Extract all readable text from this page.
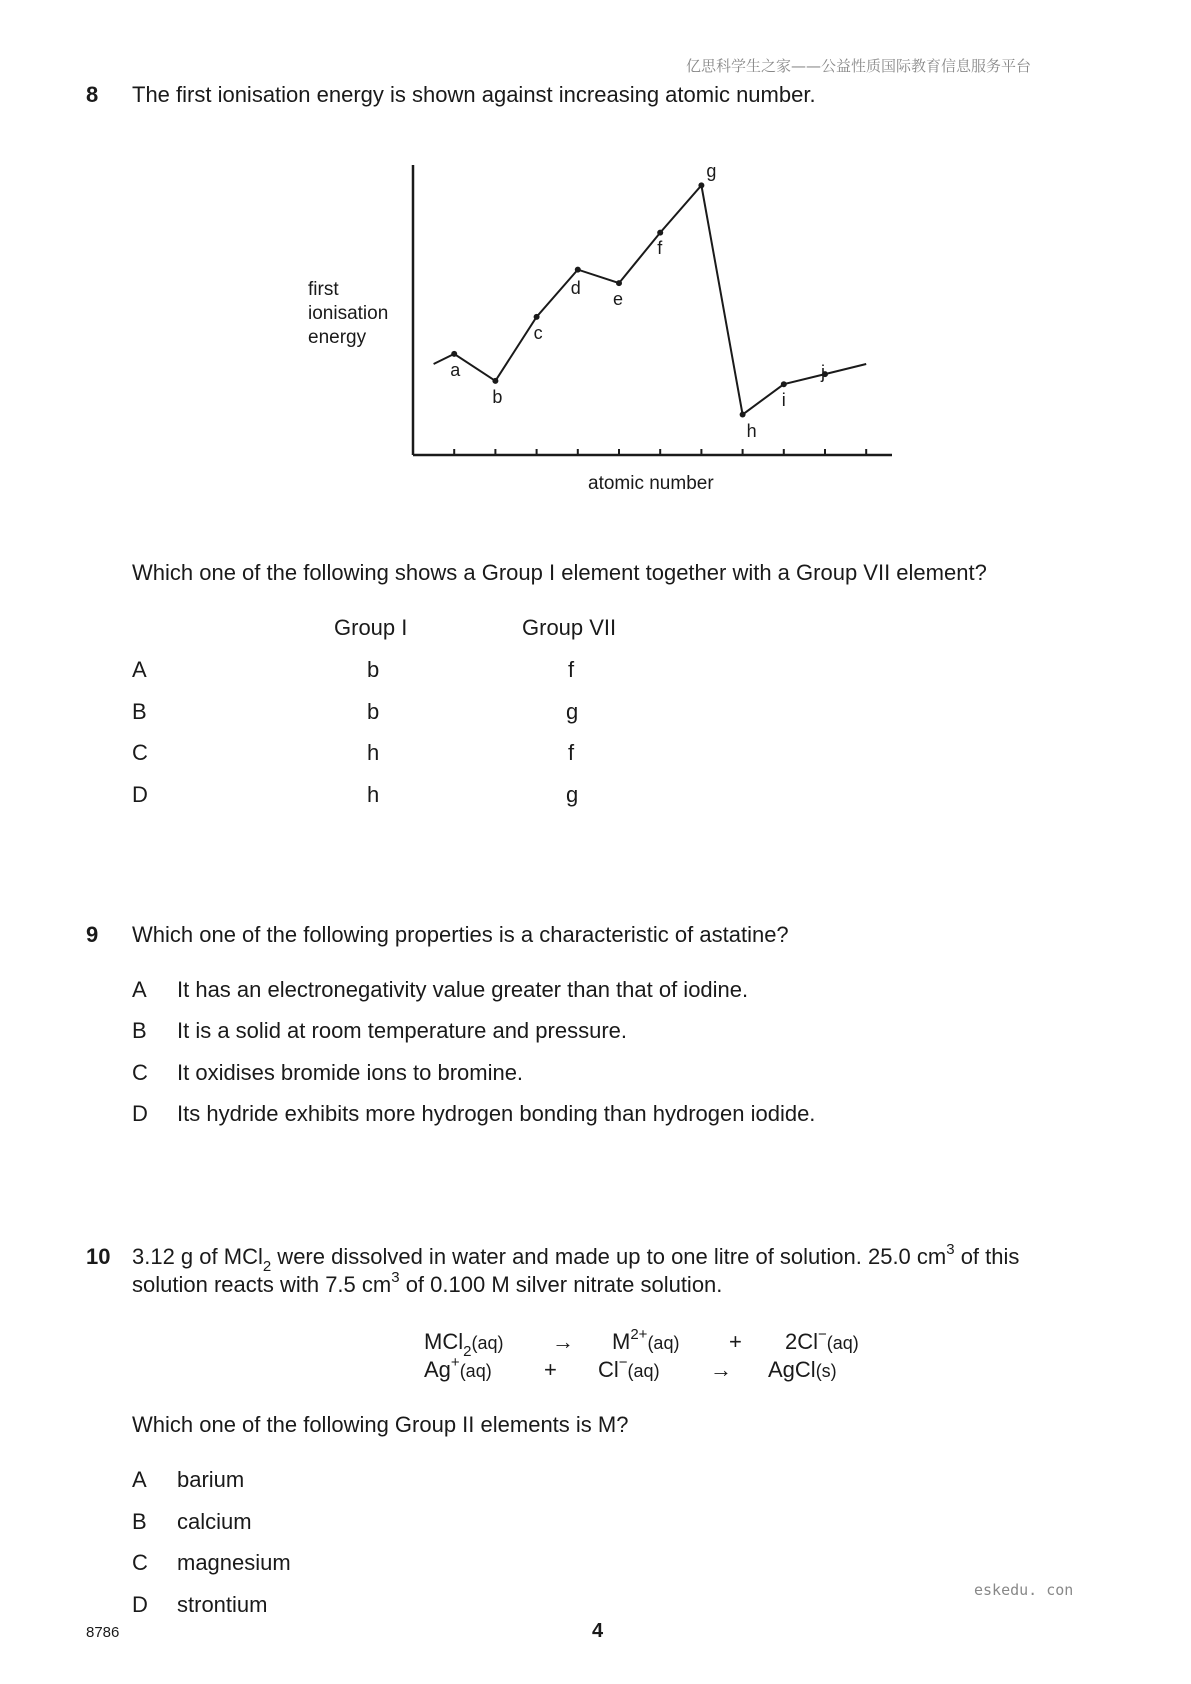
亿思科学生之家——公益性质国际教育信息服务平台
eskedu. con
8 The first ionisation energy is shown against increasing atomic number.
first
ionisation
energy
atomic number
a
b
c
d
e
f
g
h
i
j
Which one of the following shows a Group I element together with a Group VII element?
Group I	Group VII
A	b	f
B	b	g
C	h	f
D	h	g
9 Which one of the following properties is a characteristic of astatine?
A It has an electronegativity value greater than that of iodine.
B It is a solid at room temperature and pressure.
C It oxidises bromide ions to bromine.
D Its hydride exhibits more hydrogen bonding than hydrogen iodide.
10 3.12 g of MCl$_2$ were dissolved in water and made up to one litre of solution. 25.0 $cm^3$ of this
solution reacts with 7.5 $cm^3$ of 0.100 M silver nitrate solution.
$MCl_2(aq) \to M^{2+}(aq) + 2Cl^-(aq)$
Ag+(aq) + Cl−(aq) → AgCl(s)
Which one of the following Group II elements is M?
A barium
B calcium
C magnesium
D strontium
8786	4
